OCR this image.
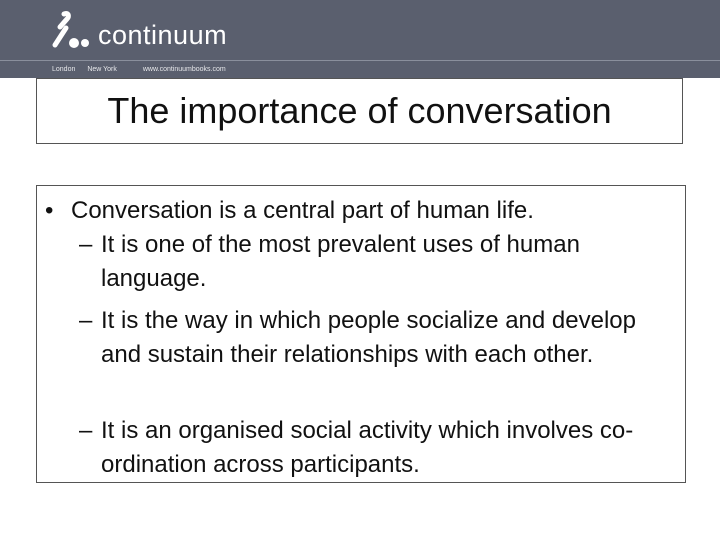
continuum
London New York	www.continuumbooks.com
The importance of conversation
• Conversation is a central part of human life.
– It is one of the most prevalent uses of human language.
– It is the way in which people socialize and develop and sustain their relationships with each other.
– It is an organised social activity which involves co-ordination across participants.
